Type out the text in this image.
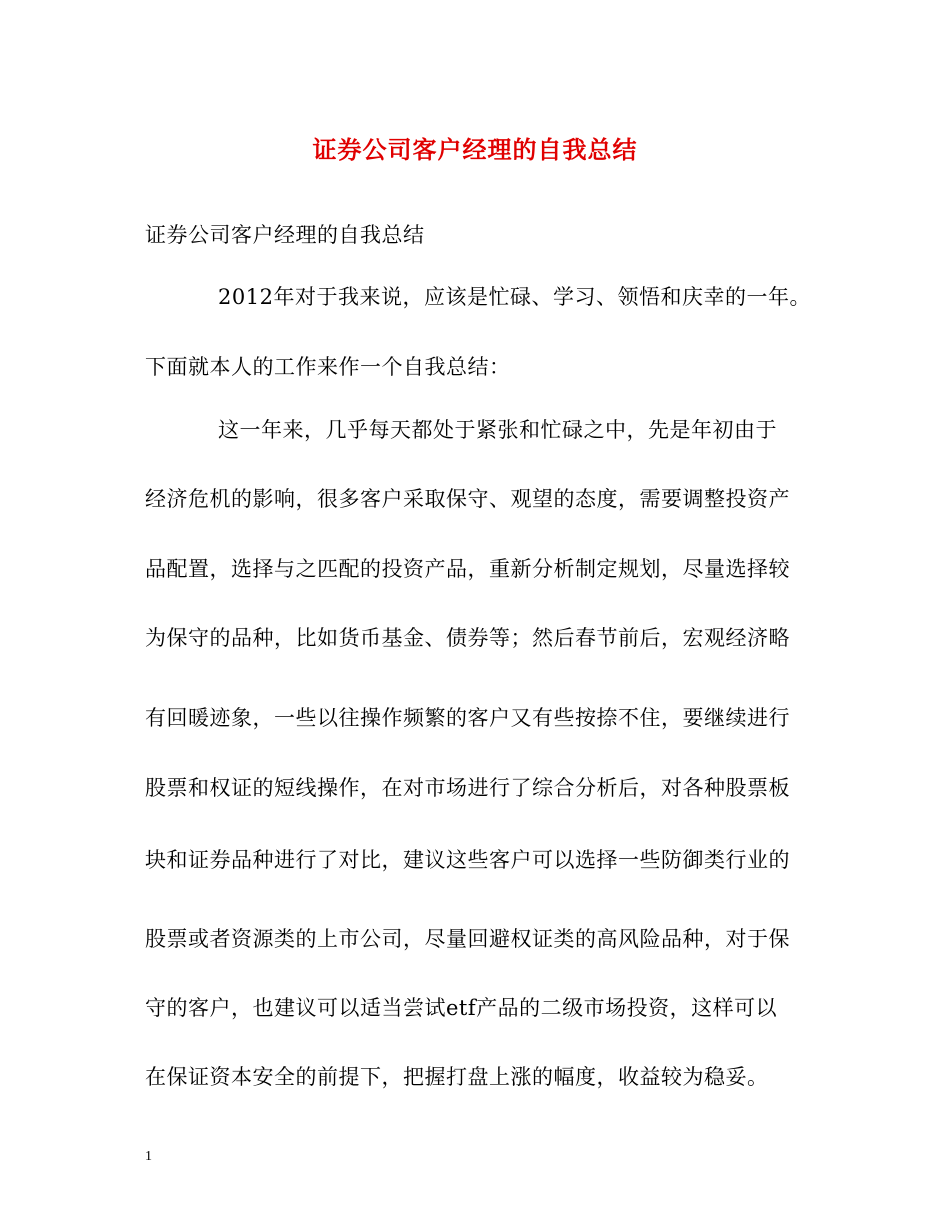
证券公司客户经理的自我总结
证券公司客户经理的自我总结
2012年对于我来说，应该是忙碌、学习、领悟和庆幸的一年。
下面就本人的工作来作一个自我总结：
这一年来，几乎每天都处于紧张和忙碌之中，先是年初由于
经济危机的影响，很多客户采取保守、观望的态度，需要调整投资产
品配置，选择与之匹配的投资产品，重新分析制定规划，尽量选择较
为保守的品种，比如货币基金、债券等；然后春节前后，宏观经济略
有回暖迹象，一些以往操作频繁的客户又有些按捺不住，要继续进行
股票和权证的短线操作，在对市场进行了综合分析后，对各种股票板
块和证券品种进行了对比，建议这些客户可以选择一些防御类行业的
股票或者资源类的上市公司，尽量回避权证类的高风险品种，对于保
守的客户，也建议可以适当尝试etf产品的二级市场投资，这样可以
在保证资本安全的前提下，把握打盘上涨的幅度，收益较为稳妥。
1
